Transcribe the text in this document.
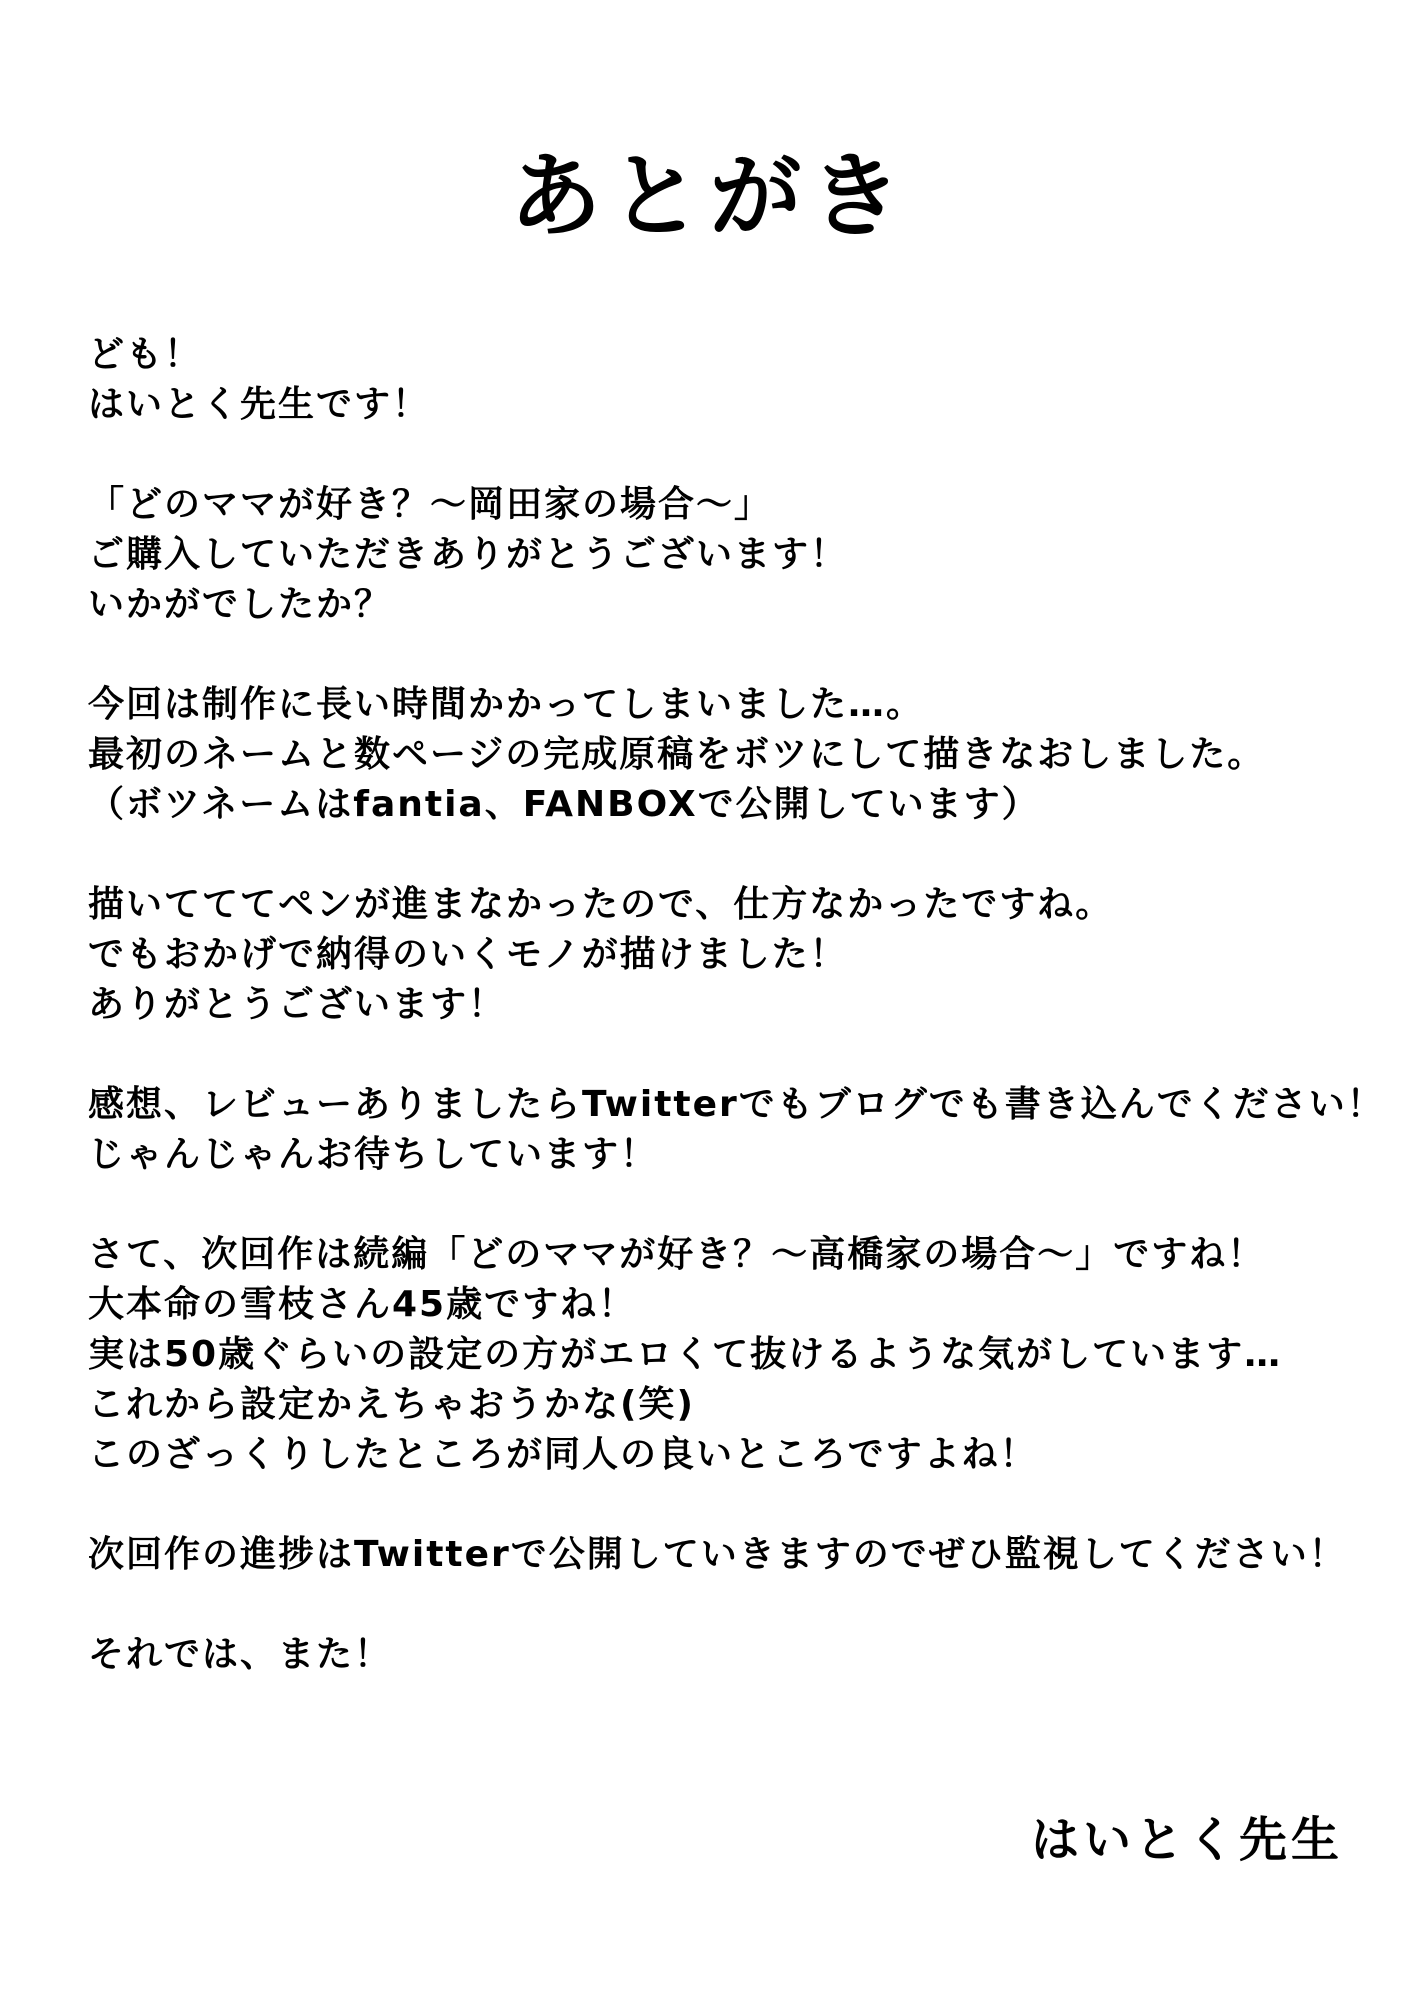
あとがき
ども！
はいとく先生です！
「どのママが好き？〜岡田家の場合〜」
ご購入していただきありがとうございます！
いかがでしたか？
今回は制作に長い時間かかってしまいました…。
最初のネームと数ページの完成原稿をボツにして描きなおしました。
（ボツネームはfantia、FANBOXで公開しています）
描いてててペンが進まなかったので、仕方なかったですね。
でもおかげで納得のいくモノが描けました！
ありがとうございます！
感想、レビューありましたらTwitterでもブログでも書き込んでください！
じゃんじゃんお待ちしています！
さて、次回作は続編「どのママが好き？〜高橋家の場合〜」ですね！
大本命の雪枝さん45歳ですね！
実は50歳ぐらいの設定の方がエロくて抜けるような気がしています…
これから設定かえちゃおうかな(笑)
このざっくりしたところが同人の良いところですよね！
次回作の進捗はTwitterで公開していきますのでぜひ監視してください！
それでは、また！
はいとく先生
